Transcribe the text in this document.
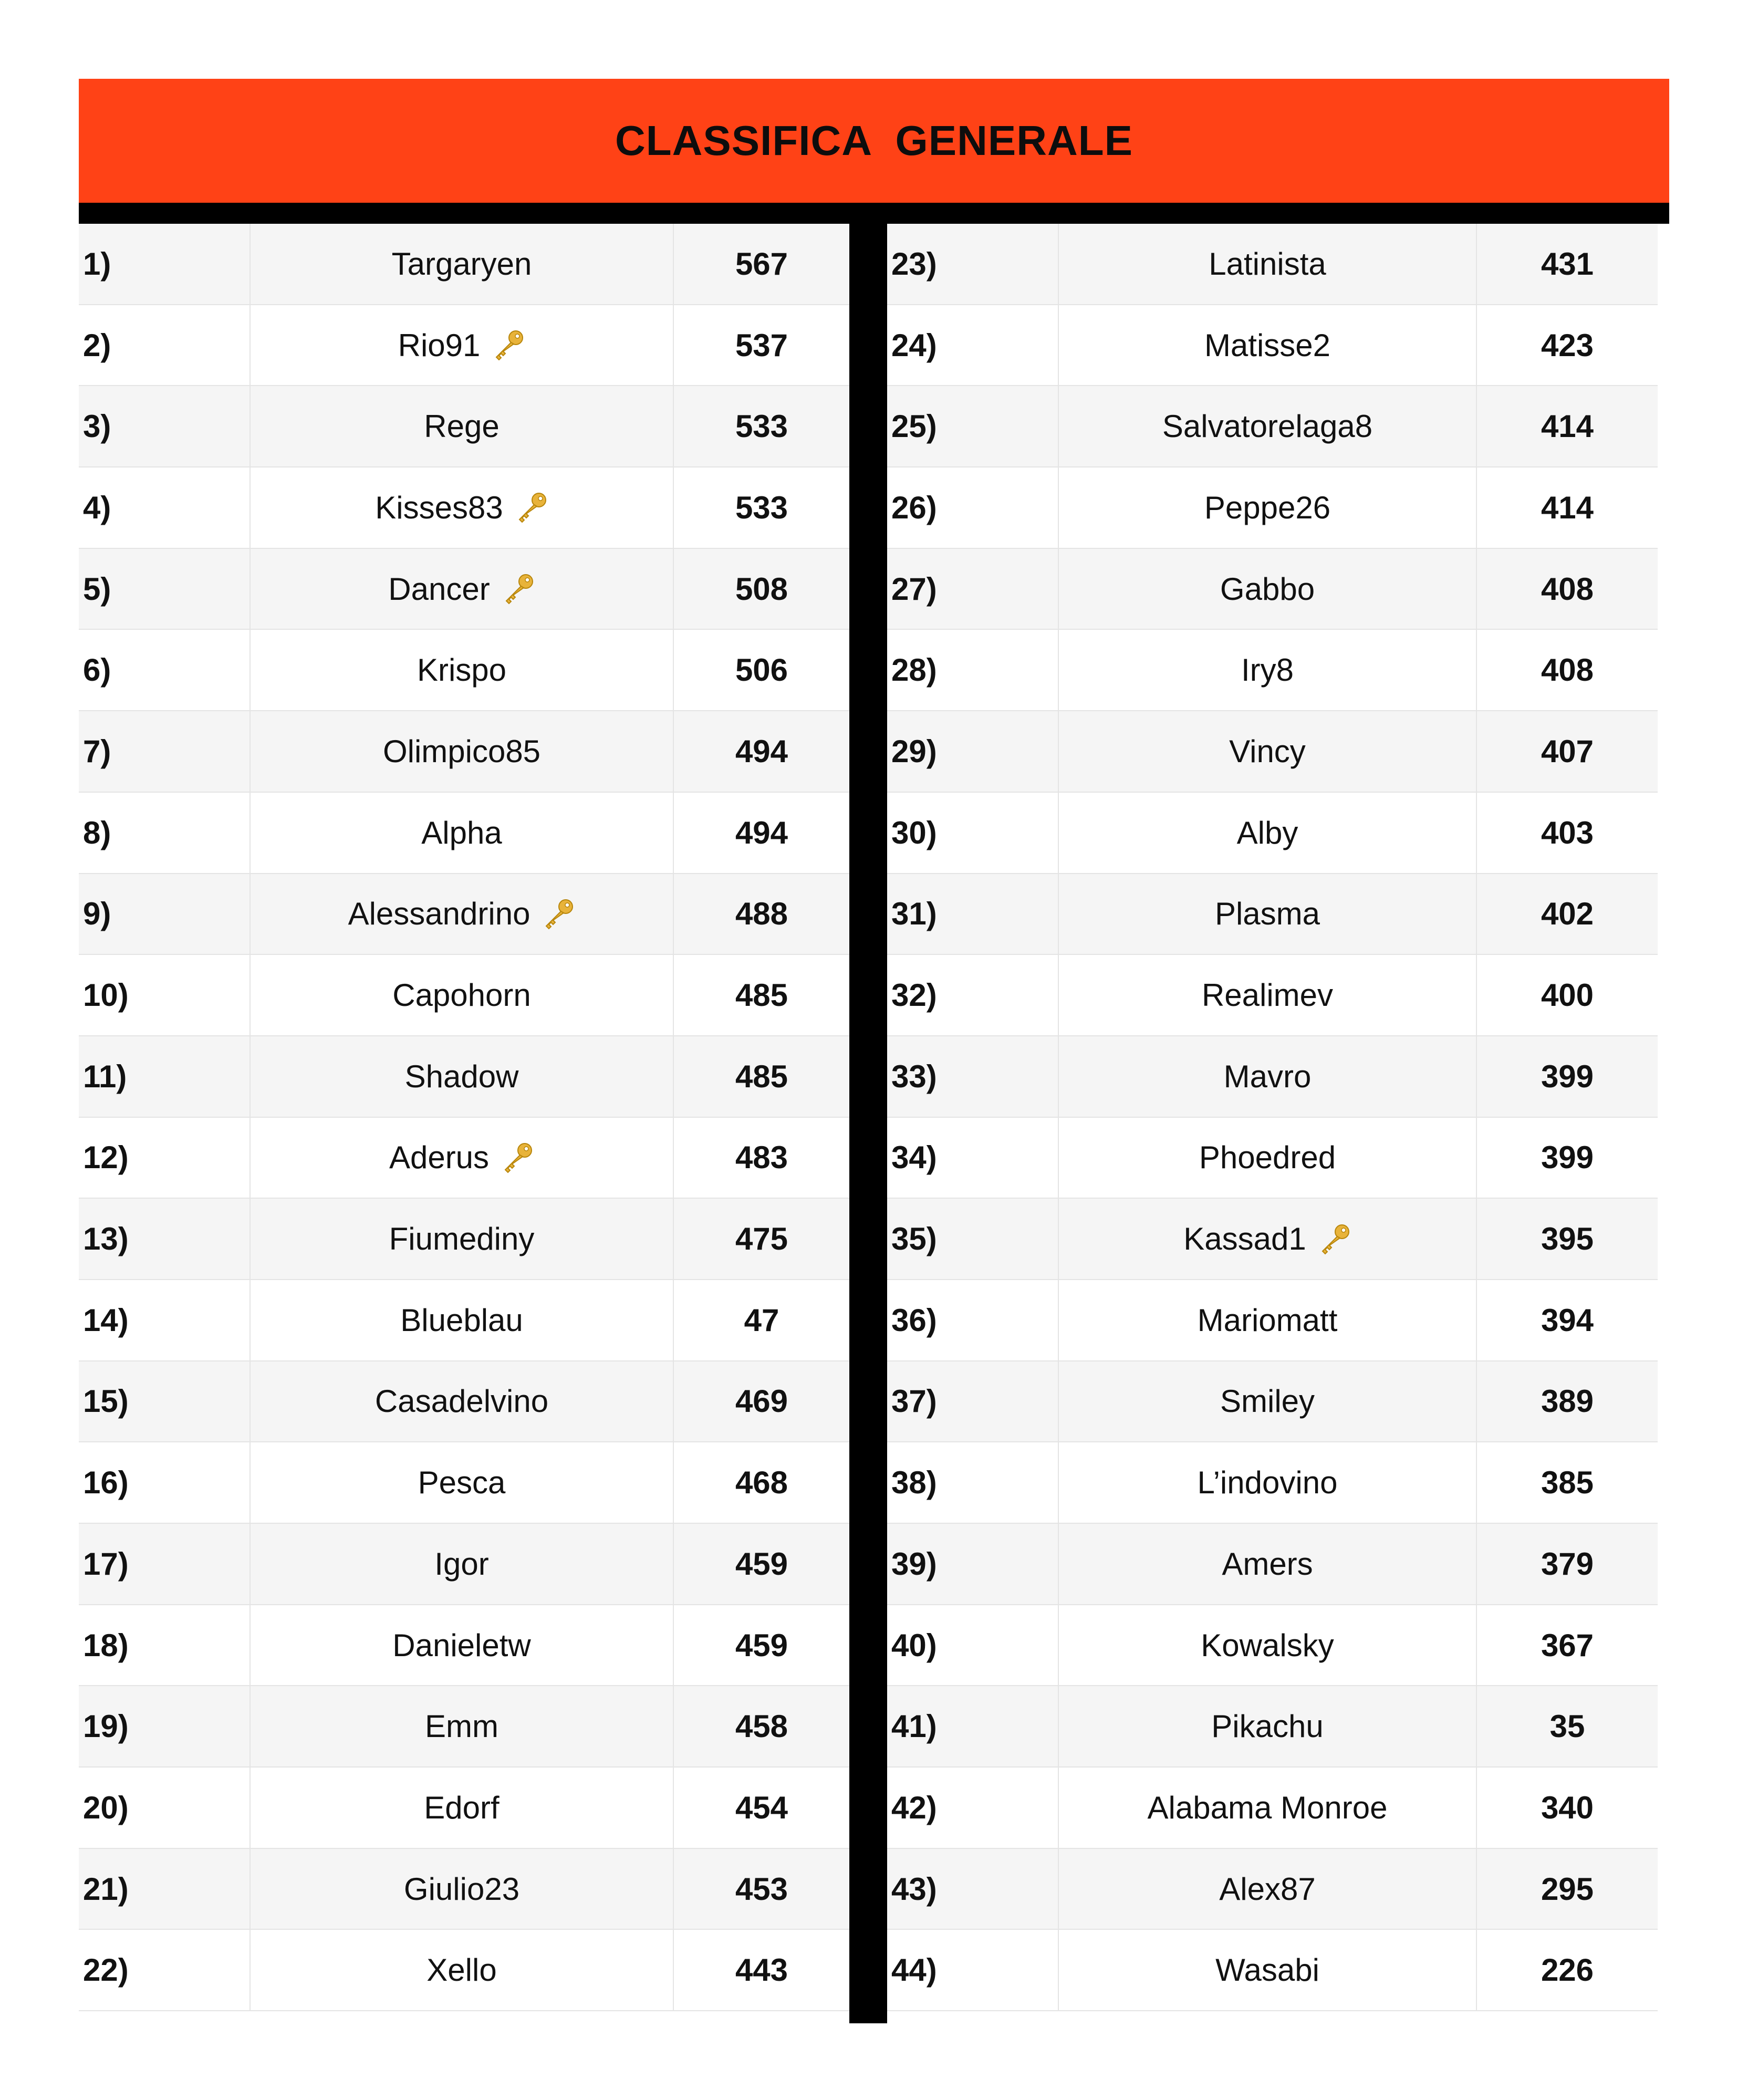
CLASSIFICA  GENERALE
1)	Targaryen	567
2)	Rio91	537
3)	Rege	533
4)	Kisses83	533
5)	Dancer	508
6)	Krispo	506
7)	Olimpico85	494
8)	Alpha	494
9)	Alessandrino	488
10)	Capohorn	485
11)	Shadow	485
12)	Aderus	483
13)	Fiumediny	475
14)	Blueblau	47
15)	Casadelvino	469
16)	Pesca	468
17)	Igor	459
18)	Danieletw	459
19)	Emm	458
20)	Edorf	454
21)	Giulio23	453
22)	Xello	443
23)	Latinista	431
24)	Matisse2	423
25)	Salvatorelaga8	414
26)	Peppe26	414
27)	Gabbo	408
28)	Iry8	408
29)	Vincy	407
30)	Alby	403
31)	Plasma	402
32)	Realimev	400
33)	Mavro	399
34)	Phoedred	399
35)	Kassad1	395
36)	Mariomatt	394
37)	Smiley	389
38)	L’indovino	385
39)	Amers	379
40)	Kowalsky	367
41)	Pikachu	35
42)	Alabama Monroe	340
43)	Alex87	295
44)	Wasabi	226
